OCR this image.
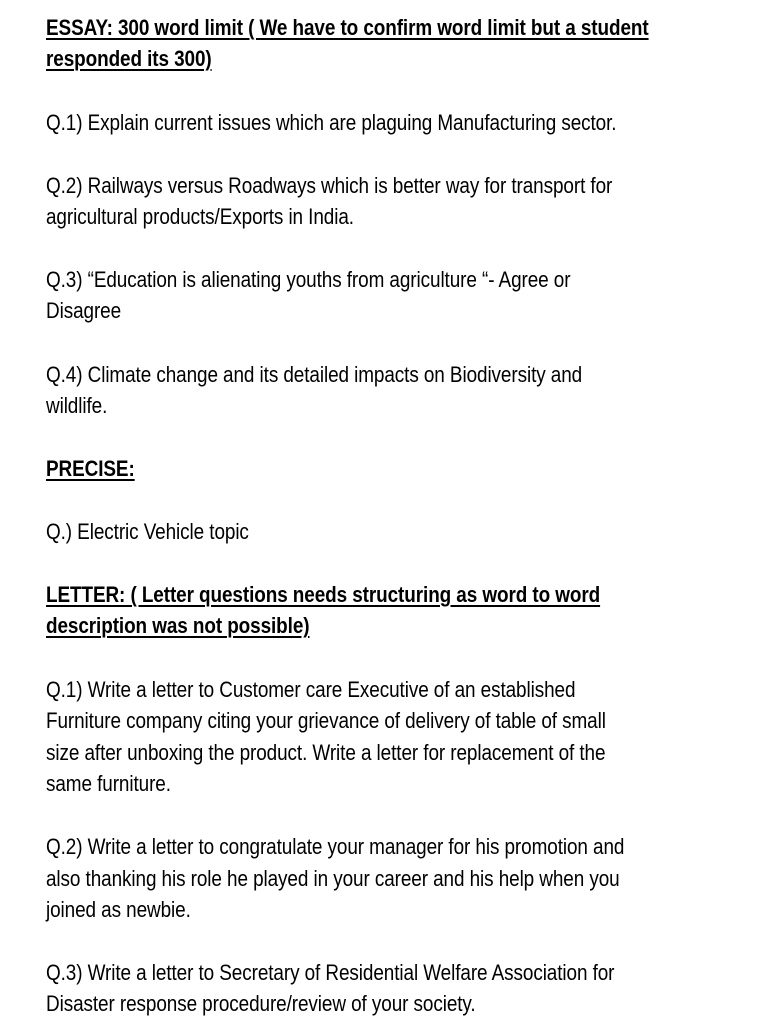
ESSAY: 300 word limit ( We have to confirm word limit but a student
responded its 300)
Q.1) Explain current issues which are plaguing Manufacturing sector.
Q.2) Railways versus Roadways which is better way for transport for
agricultural products/Exports in India.
Q.3) “Education is alienating youths from agriculture “- Agree or
Disagree
Q.4) Climate change and its detailed impacts on Biodiversity and
wildlife.
PRECISE:
Q.) Electric Vehicle topic
LETTER: ( Letter questions needs structuring as word to word
description was not possible)
Q.1) Write a letter to Customer care Executive of an established
Furniture company citing your grievance of delivery of table of small
size after unboxing the product. Write a letter for replacement of the
same furniture.
Q.2) Write a letter to congratulate your manager for his promotion and
also thanking his role he played in your career and his help when you
joined as newbie.
Q.3) Write a letter to Secretary of Residential Welfare Association for
Disaster response procedure/review of your society.
